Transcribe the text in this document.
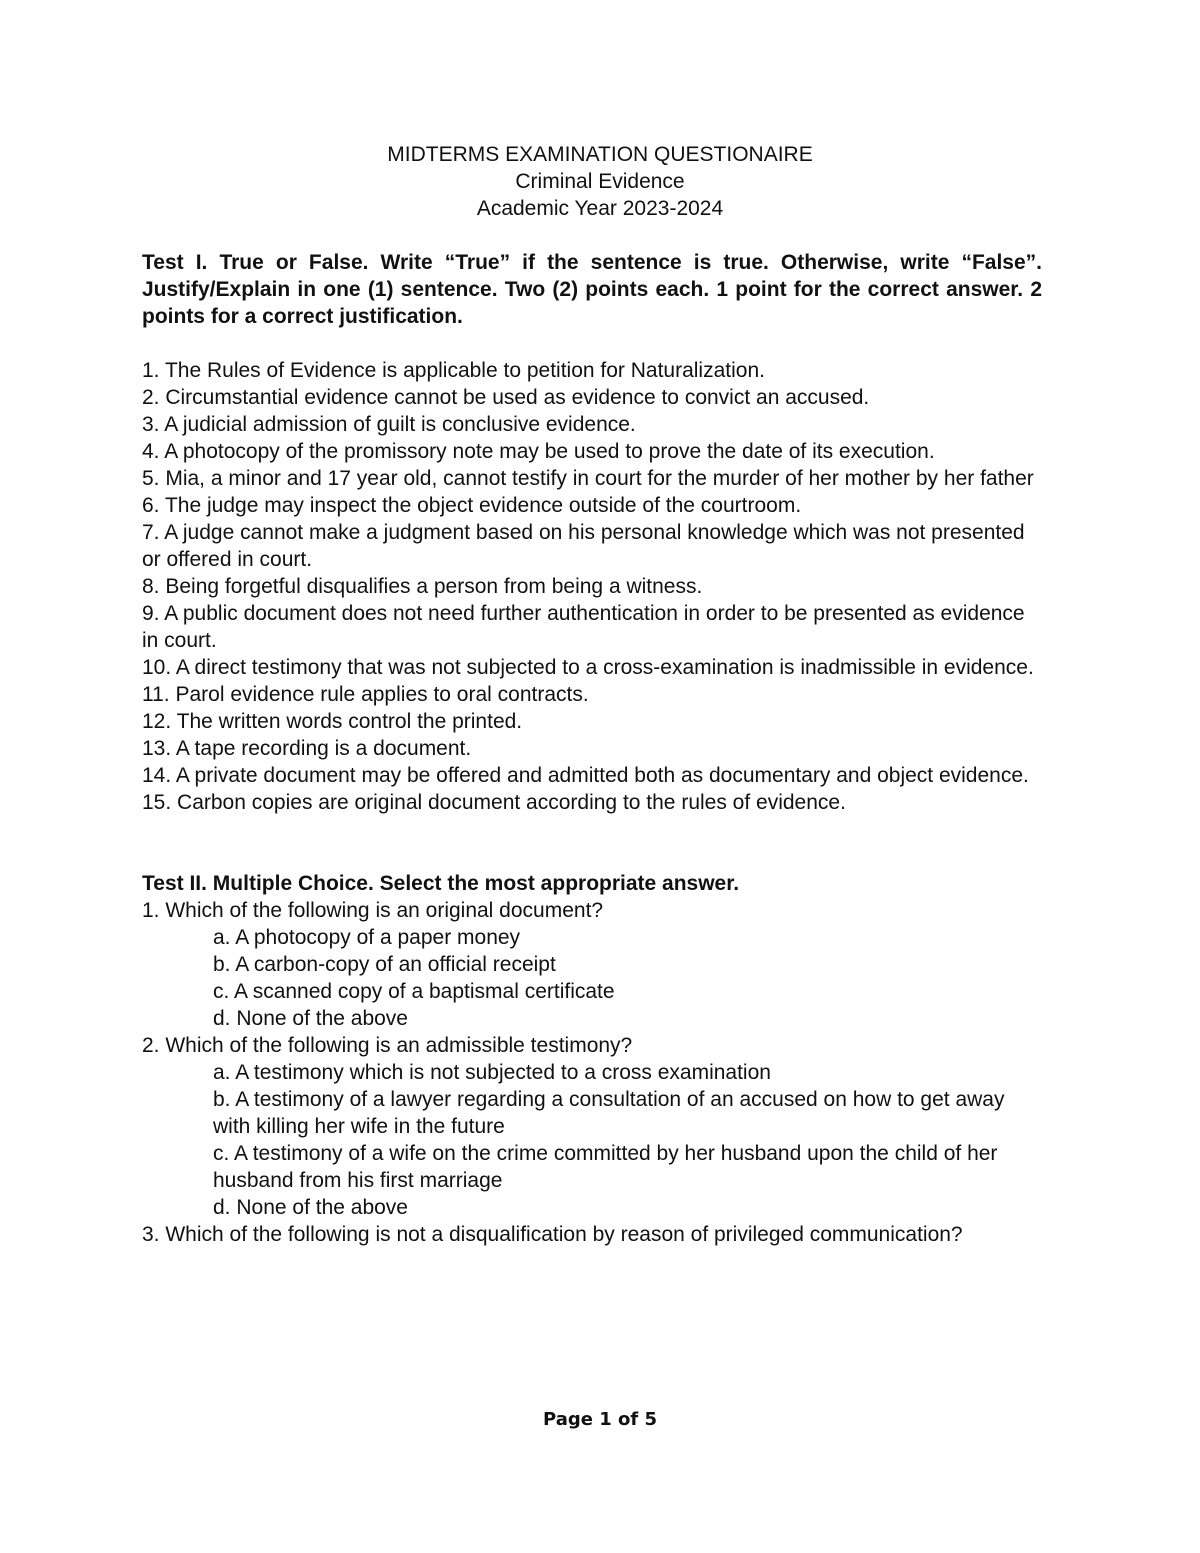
MIDTERMS EXAMINATION QUESTIONAIRE
Criminal Evidence
Academic Year 2023-2024
Test I. True or False. Write “True” if the sentence is true. Otherwise, write “False”. Justify/Explain in one (1) sentence. Two (2) points each. 1 point for the correct answer. 2 points for a correct justification.
1. The Rules of Evidence is applicable to petition for Naturalization.
2. Circumstantial evidence cannot be used as evidence to convict an accused.
3. A judicial admission of guilt is conclusive evidence.
4. A photocopy of the promissory note may be used to prove the date of its execution.
5. Mia, a minor and 17 year old, cannot testify in court for the murder of her mother by her father
6. The judge may inspect the object evidence outside of the courtroom.
7. A judge cannot make a judgment based on his personal knowledge which was not presented or offered in court.
8. Being forgetful disqualifies a person from being a witness.
9. A public document does not need further authentication in order to be presented as evidence in court.
10. A direct testimony that was not subjected to a cross-examination is inadmissible in evidence.
11. Parol evidence rule applies to oral contracts.
12. The written words control the printed.
13. A tape recording is a document.
14. A private document may be offered and admitted both as documentary and object evidence.
15. Carbon copies are original document according to the rules of evidence.
Test II. Multiple Choice. Select the most appropriate answer.
1. Which of the following is an original document?
a. A photocopy of a paper money
b. A carbon-copy of an official receipt
c. A scanned copy of a baptismal certificate
d. None of the above
2. Which of the following is an admissible testimony?
a. A testimony which is not subjected to a cross examination
b. A testimony of a lawyer regarding a consultation of an accused on how to get away with killing her wife in the future
c. A testimony of a wife on the crime committed by her husband upon the child of her husband from his first marriage
d. None of the above
3. Which of the following is not a disqualification by reason of privileged communication?
Page 1 of 5
